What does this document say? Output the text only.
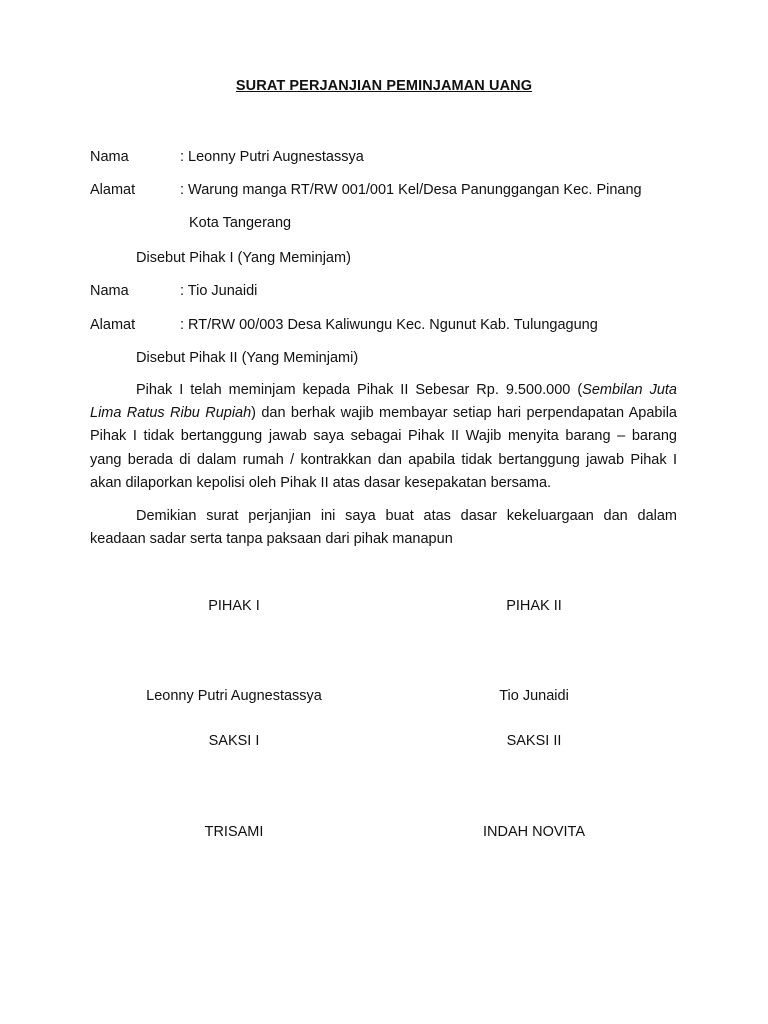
SURAT PERJANJIAN PEMINJAMAN UANG
Nama	: Leonny Putri Augnestassya
Alamat	: Warung manga RT/RW 001/001 Kel/Desa Panunggangan Kec. Pinang
Kota Tangerang
Disebut Pihak I (Yang Meminjam)
Nama	: Tio Junaidi
Alamat	: RT/RW 00/003 Desa Kaliwungu Kec. Ngunut Kab. Tulungagung
Disebut Pihak II (Yang Meminjami)

Pihak I telah meminjam kepada Pihak II Sebesar Rp. 9.500.000 (Sembilan Juta Lima Ratus Ribu Rupiah) dan berhak wajib membayar setiap hari perpendapatan Apabila Pihak I tidak bertanggung jawab saya sebagai Pihak II Wajib menyita barang – barang yang berada di dalam rumah / kontrakkan dan apabila tidak bertanggung jawab Pihak I akan dilaporkan kepolisi oleh Pihak II atas dasar kesepakatan bersama.

Demikian surat perjanjian ini saya buat atas dasar kekeluargaan dan dalam keadaan sadar serta tanpa paksaan dari pihak manapun

PIHAK I	PIHAK II
Leonny Putri Augnestassya	Tio Junaidi
SAKSI I	SAKSI II
TRISAMI	INDAH NOVITA
